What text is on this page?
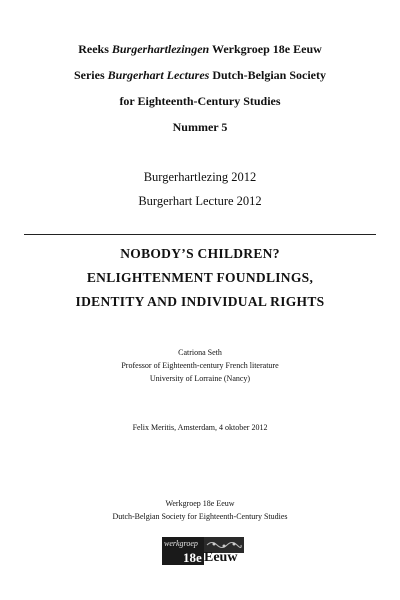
Reeks Burgerhartlezingen Werkgroep 18e Eeuw
Series Burgerhart Lectures Dutch-Belgian Society
for Eighteenth-Century Studies
Nummer 5
Burgerhartlezing 2012
Burgerhart Lecture 2012
NOBODY’S CHILDREN?
ENLIGHTENMENT FOUNDLINGS,
IDENTITY AND INDIVIDUAL RIGHTS
Catriona Seth
Professor of Eighteenth-century French literature
University of Lorraine (Nancy)
Felix Meritis, Amsterdam, 4 oktober 2012
Werkgroep 18e Eeuw
Dutch-Belgian Society for Eighteenth-Century Studies
werkgroep
18e Eeuw
